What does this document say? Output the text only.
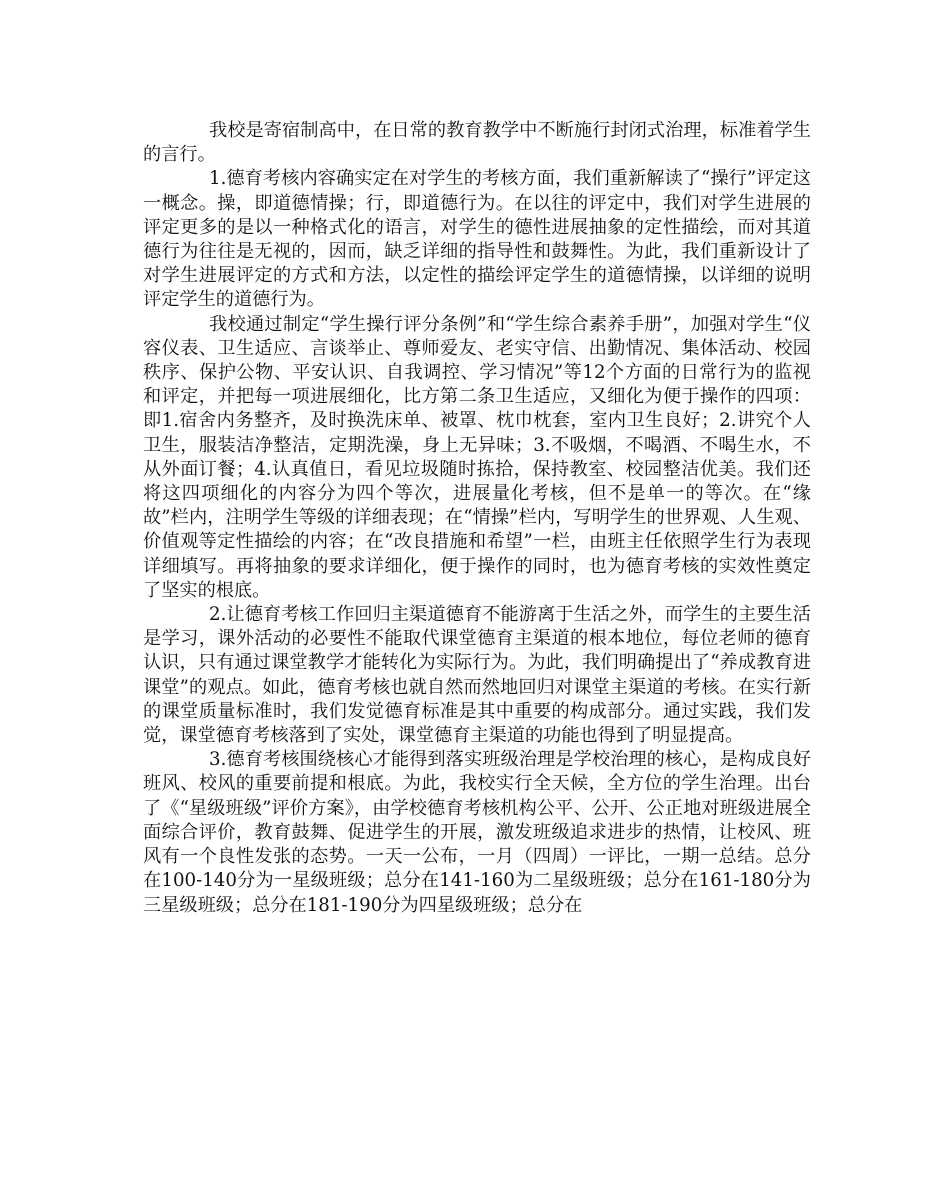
我校是寄宿制高中，在日常的教育教学中不断施行封闭式治理，标准着学生的言行。

1.德育考核内容确实定在对学生的考核方面，我们重新解读了“操行”评定这一概念。操，即道德情操；行，即道德行为。在以往的评定中，我们对学生进展的评定更多的是以一种格式化的语言，对学生的德性进展抽象的定性描绘，而对其道德行为往往是无视的，因而，缺乏详细的指导性和鼓舞性。为此，我们重新设计了对学生进展评定的方式和方法，以定性的描绘评定学生的道德情操，以详细的说明评定学生的道德行为。

我校通过制定“学生操行评分条例”和“学生综合素养手册”，加强对学生“仪容仪表、卫生适应、言谈举止、尊师爱友、老实守信、出勤情况、集体活动、校园秩序、保护公物、平安认识、自我调控、学习情况”等12个方面的日常行为的监视和评定，并把每一项进展细化，比方第二条卫生适应，又细化为便于操作的四项：即1.宿舍内务整齐，及时换洗床单、被罩、枕巾枕套，室内卫生良好；2.讲究个人卫生，服装洁净整洁，定期洗澡，身上无异味；3.不吸烟，不喝酒、不喝生水，不从外面订餐；4.认真值日，看见垃圾随时拣拾，保持教室、校园整洁优美。我们还将这四项细化的内容分为四个等次，进展量化考核，但不是单一的等次。在“缘故”栏内，注明学生等级的详细表现；在“情操”栏内，写明学生的世界观、人生观、价值观等定性描绘的内容；在“改良措施和希望”一栏，由班主任依照学生行为表现详细填写。再将抽象的要求详细化，便于操作的同时，也为德育考核的实效性奠定了坚实的根底。

2.让德育考核工作回归主渠道德育不能游离于生活之外，而学生的主要生活是学习，课外活动的必要性不能取代课堂德育主渠道的根本地位，每位老师的德育认识，只有通过课堂教学才能转化为实际行为。为此，我们明确提出了“养成教育进课堂”的观点。如此，德育考核也就自然而然地回归对课堂主渠道的考核。在实行新的课堂质量标准时，我们发觉德育标准是其中重要的构成部分。通过实践，我们发觉，课堂德育考核落到了实处，课堂德育主渠道的功能也得到了明显提高。

3.德育考核围绕核心才能得到落实班级治理是学校治理的核心，是构成良好班风、校风的重要前提和根底。为此，我校实行全天候，全方位的学生治理。出台了《“星级班级”评价方案》，由学校德育考核机构公平、公开、公正地对班级进展全面综合评价，教育鼓舞、促进学生的开展，激发班级追求进步的热情，让校风、班风有一个良性发张的态势。一天一公布，一月（四周）一评比，一期一总结。总分在100-140分为一星级班级；总分在141-160为二星级班级；总分在161-180分为三星级班级；总分在181-190分为四星级班级；总分在
